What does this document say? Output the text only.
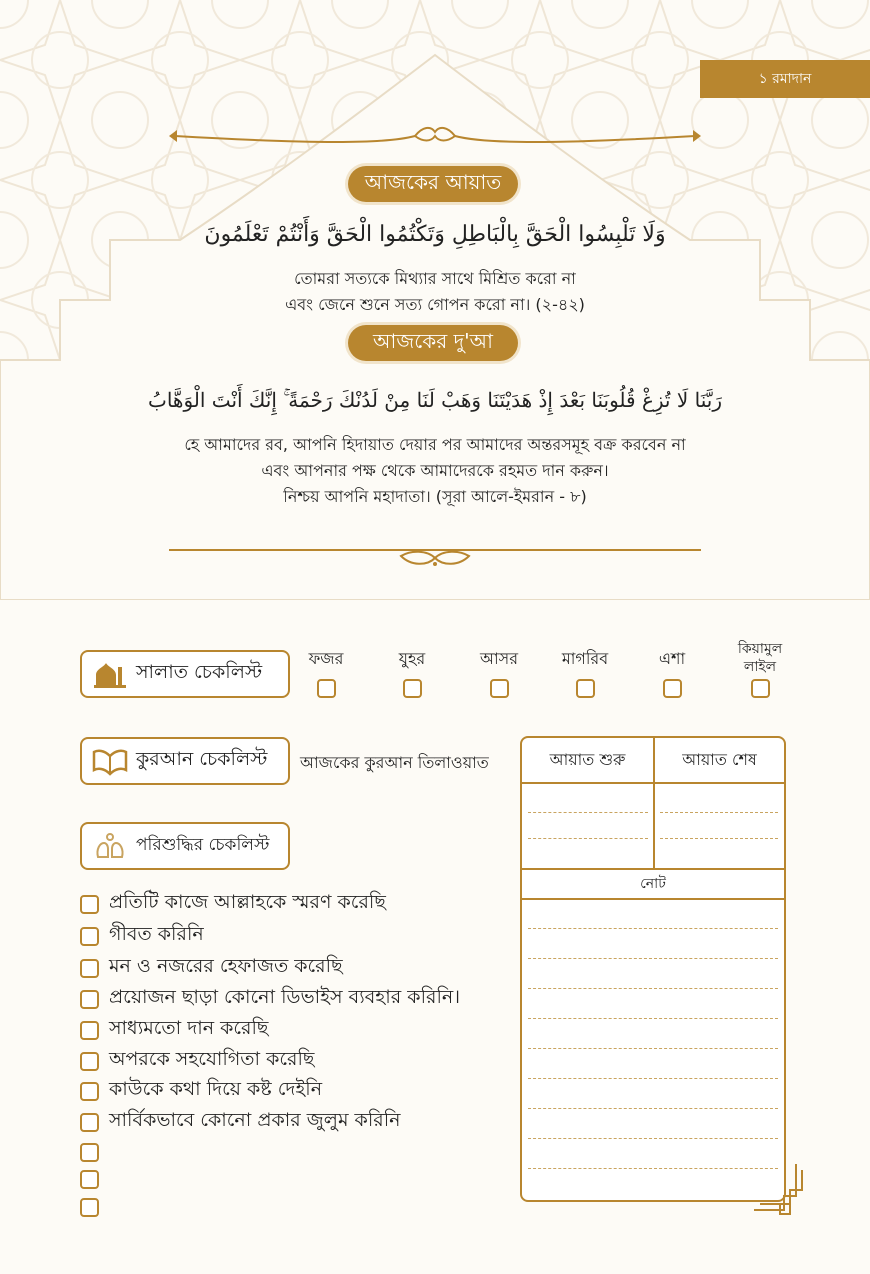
১ রমাদান
আজকের আয়াত
وَلَا تَلْبِسُوا الْحَقَّ بِالْبَاطِلِ وَتَكْتُمُوا الْحَقَّ وَأَنْتُمْ تَعْلَمُونَ
তোমরা সত্যকে মিথ্যার সাথে মিশ্রিত করো না
এবং জেনে শুনে সত্য গোপন করো না। (২-৪২)
আজকের দু'আ
رَبَّنَا لَا تُزِغْ قُلُوبَنَا بَعْدَ إِذْ هَدَيْتَنَا وَهَبْ لَنَا مِنْ لَدُنْكَ رَحْمَةً ۚ إِنَّكَ أَنْتَ الْوَهَّابُ
হে আমাদের রব, আপনি হিদায়াত দেয়ার পর আমাদের অন্তরসমূহ বক্র করবেন না
এবং আপনার পক্ষ থেকে আমাদেরকে রহমত দান করুন।
নিশ্চয় আপনি মহাদাতা। (সূরা আলে-ইমরান - ৮)
সালাত চেকলিস্ট
ফজর	যুহর	আসর	মাগরিব	এশা	কিয়ামুল
লাইল
কুরআন চেকলিস্ট আজকের কুরআন তিলাওয়াত
পরিশুদ্ধির চেকলিস্ট
প্রতিটি কাজে আল্লাহকে স্মরণ করেছি
গীবত করিনি
মন ও নজরের হেফাজত করেছি
প্রয়োজন ছাড়া কোনো ডিভাইস ব্যবহার করিনি।
সাধ্যমতো দান করেছি
অপরকে সহযোগিতা করেছি
কাউকে কথা দিয়ে কষ্ট দেইনি
সার্বিকভাবে কোনো প্রকার জুলুম করিনি
আয়াত শুরু	আয়াত শেষ
নোট
